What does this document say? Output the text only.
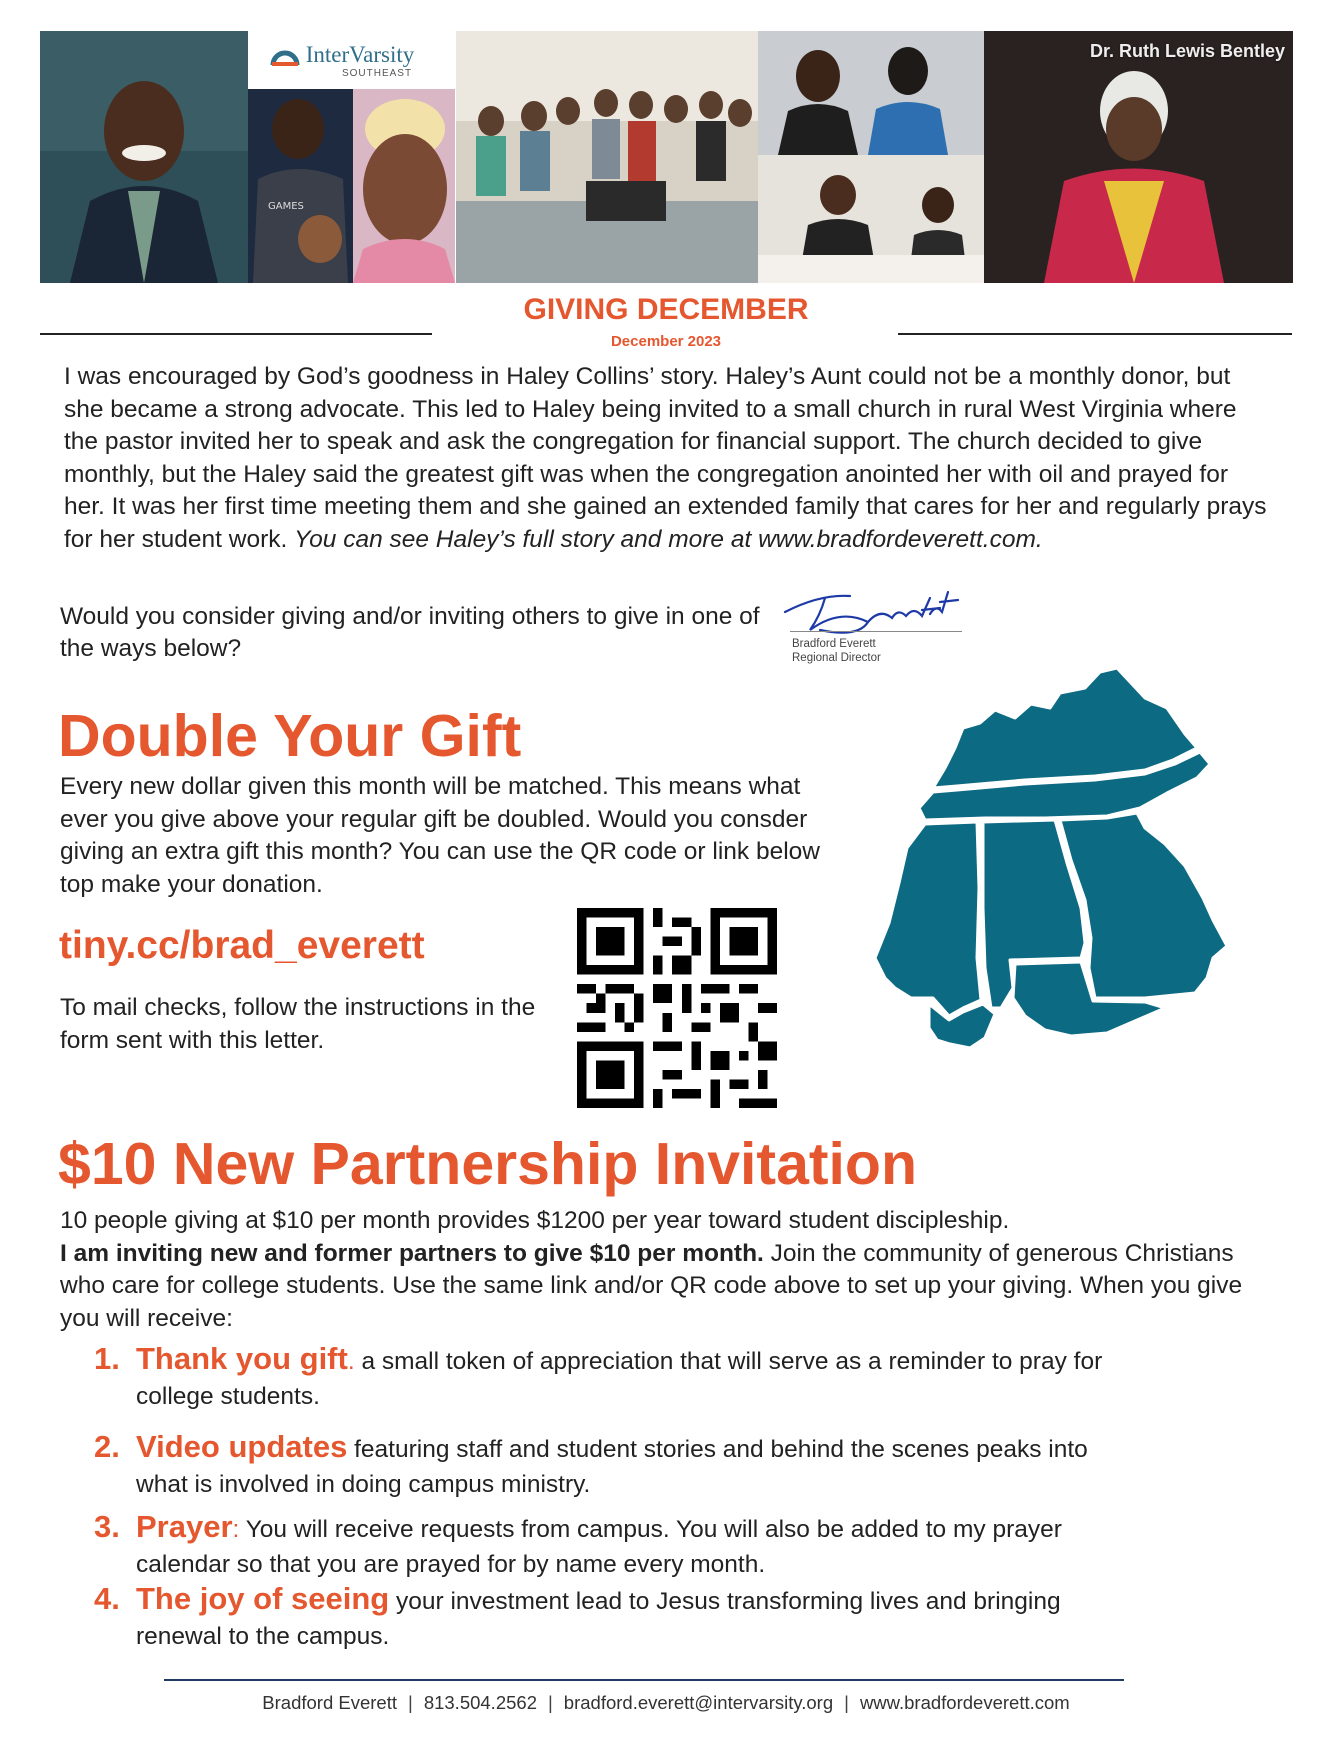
GAMES
Dr. Ruth Lewis Bentley
InterVarsity
SOUTHEAST
GIVING DECEMBER
December 2023

I was encouraged by God’s goodness in Haley Collins’ story. Haley’s Aunt could not be a monthly donor, but she became a strong advocate. This led to Haley being invited to a small church in rural West Virginia where the pastor invited her to speak and ask the congregation for financial support. The church decided to give monthly, but the Haley said the greatest gift was when the congregation anointed her with oil and prayed for her. It was her first time meeting them and she gained an extended family that cares for her and regularly prays for her student work. You can see Haley’s full story and more at www.bradfordeverett.com.

Would you consider giving and/or inviting others to give in one of the ways below?	Bradford Everett
Regional Director
Double Your Gift

Every new dollar given this month will be matched. This means what ever you give above your regular gift be doubled. Would you consder giving an extra gift this month? You can use the QR code or link below top make your donation.

tiny.cc/brad_everett

To mail checks, follow the instructions in the form sent with this letter.

$10 New Partnership Invitation

10 people giving at $10 per month provides $1200 per year toward student discipleship.
I am inviting new and former partners to give $10 per month. Join the community of generous Christians who care for college students. Use the same link and/or QR code above to set up your giving. When you give you will receive:

1. Thank you gift. a small token of appreciation that will serve as a reminder to pray for
college students.
2. Video updates featuring staff and student stories and behind the scenes peaks into
what is involved in doing campus ministry.
3. Prayer: You will receive requests from campus. You will also be added to my prayer
calendar so that you are prayed for by name every month.
4. The joy of seeing your investment lead to Jesus transforming lives and bringing
renewal to the campus.
Bradford Everett | 813.504.2562 | bradford.everett@intervarsity.org | www.bradfordeverett.com
